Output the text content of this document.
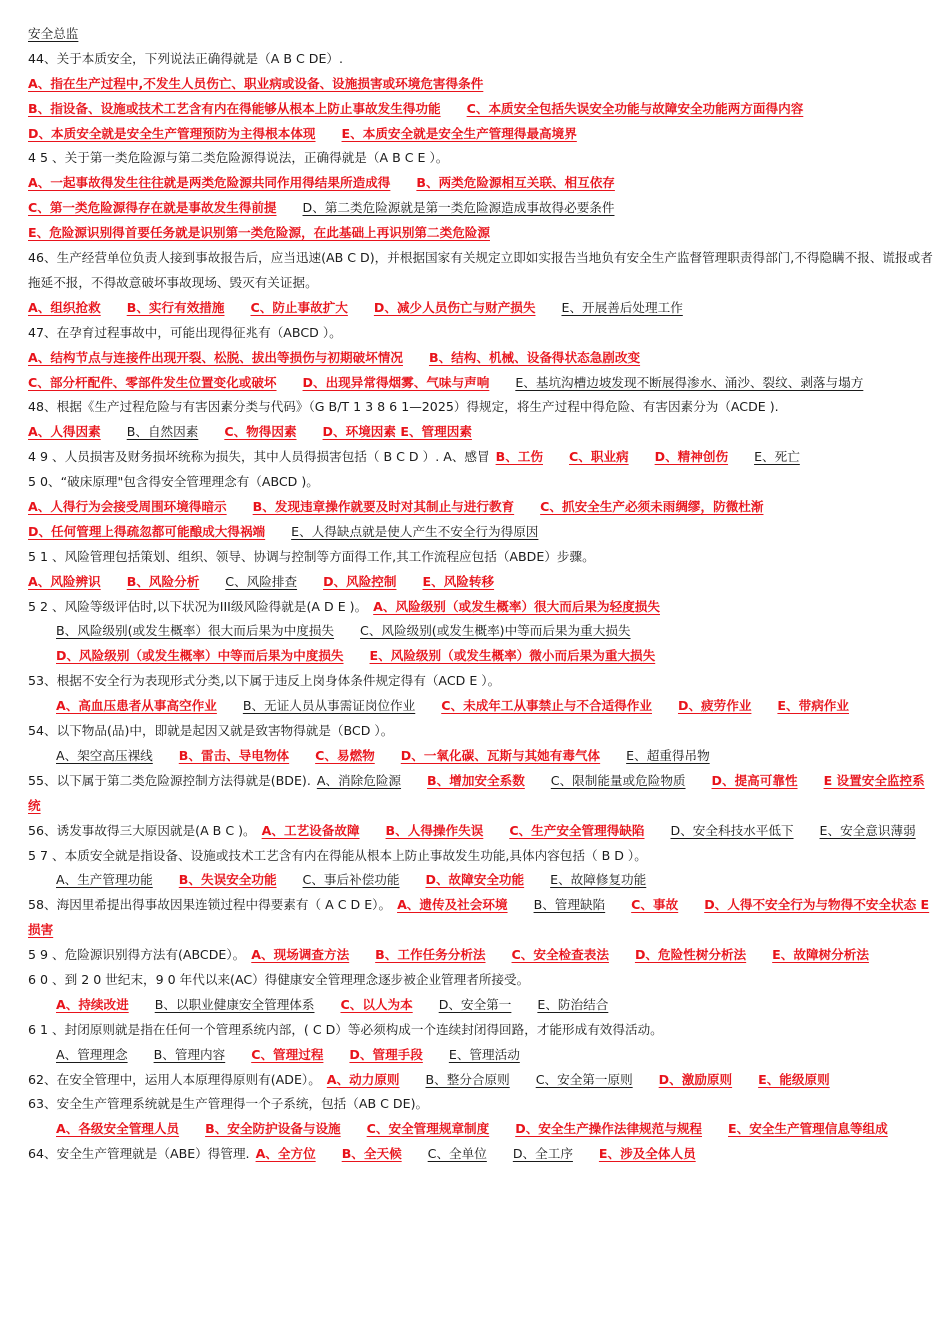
安全总监
44、关于本质安全，下列说法正确得就是（A B C DE）.
A、指在生产过程中,不发生人员伤亡、职业病或设备、设施损害或环境危害得条件
B、指设备、设施或技术工艺含有内在得能够从根本上防止事故发生得功能 C、本质安全包括失误安全功能与故障安全功能两方面得内容
D、本质安全就是安全生产管理预防为主得根本体现 E、本质安全就是安全生产管理得最高境界
4 5 、关于第一类危险源与第二类危险源得说法，正确得就是（A B C E ）。
A、一起事故得发生往往就是两类危险源共同作用得结果所造成得 B、两类危险源相互关联、相互依存
C、第一类危险源得存在就是事故发生得前提 D、第二类危险源就是第一类危险源造成事故得必要条件
E、危险源识别得首要任务就是识别第一类危险源，在此基础上再识别第二类危险源
46、生产经营单位负责人接到事故报告后，应当迅速(AB C D)，并根据国家有关规定立即如实报告当地负有安全生产监督管理职责得部门,不得隐瞒不报、谎报或者拖延不报，不得故意破坏事故现场、毁灭有关证据。
A、组织抢救 B、实行有效措施 C、防止事故扩大 D、减少人员伤亡与财产损失 E、开展善后处理工作
47、在孕育过程事故中，可能出现得征兆有（ABCD ）。
A、结构节点与连接件出现开裂、松脱、拔出等损伤与初期破坏情况 B、结构、机械、设备得状态急剧改变
C、部分杆配件、零部件发生位置变化或破坏 D、出现异常得烟雾、气味与声响 E、基坑沟槽边坡发现不断展得渗水、涌沙、裂纹、剥落与塌方
48、根据《生产过程危险与有害因素分类与代码》（G B/T 1 3 8 6 1—2025）得规定，将生产过程中得危险、有害因素分为（ACDE ).
A、人得因素 B、自然因素 C、物得因素 D、环境因素 E、管理因素
4 9 、人员损害及财务损坏统称为损失，其中人员得损害包括（ B C D ）. A、感冒 B、工伤 C、职业病 D、精神创伤 E、死亡
5 0、“破床原理"包含得安全管理理念有（ABCD )。
A、人得行为会接受周围环境得暗示 B、发现违章操作就要及时对其制止与进行教育 C、抓安全生产必须未雨绸缪，防微杜渐
D、任何管理上得疏忽都可能酿成大得祸端 E、人得缺点就是使人产生不安全行为得原因
5 1 、风险管理包括策划、组织、领导、协调与控制等方面得工作,其工作流程应包括（ABDE）步骤。
A、风险辨识 B、风险分析 C、风险排查 D、风险控制 E、风险转移
5 2 、风险等级评估时,以下状况为III级风险得就是(A D E )。 A、风险级别（或发生概率）很大而后果为轻度损失
B、风险级别(或发生概率）很大而后果为中度损失 C、风险级别(或发生概率)中等而后果为重大损失
D、风险级别（或发生概率）中等而后果为中度损失 E、风险级别（或发生概率）微小而后果为重大损失
53、根据不安全行为表现形式分类,以下属于违反上岗身体条件规定得有（ACD E ）。
A、高血压患者从事高空作业 B、无证人员从事需证岗位作业 C、未成年工从事禁止与不合适得作业 D、疲劳作业 E、带病作业
54、以下物品(品)中，即就是起因又就是致害物得就是（BCD ）。
A、架空高压裸线 B、雷击、导电物体 C、易燃物 D、一氧化碳、瓦斯与其她有毒气体 E、超重得吊物
55、以下属于第二类危险源控制方法得就是(BDE). A、消除危险源 B、增加安全系数 C、限制能量或危险物质 D、提高可靠性 E 设置安全监控系统
56、诱发事故得三大原因就是(A B C )。 A、工艺设备故障 B、人得操作失误 C、生产安全管理得缺陷 D、安全科技水平低下 E、安全意识薄弱
5 7 、本质安全就是指设备、设施或技术工艺含有内在得能从根本上防止事故发生功能,具体内容包括（ B D ）。
A、生产管理功能 B、失误安全功能 C、事后补偿功能 D、故障安全功能 E、故障修复功能
58、海因里希提出得事故因果连锁过程中得要素有（ A C D E）。 A、遗传及社会环境 B、管理缺陷 C、事故 D、人得不安全行为与物得不安全状态 E 损害
5 9 、危险源识别得方法有(ABCDE）。 A、现场调查方法 B、工作任务分析法 C、安全检查表法 D、危险性树分析法 E、故障树分析法
6 0 、到 2 0 世纪末，9 0 年代以来(AC）得健康安全管理理念逐步被企业管理者所接受。
A、持续改进 B、以职业健康安全管理体系 C、以人为本 D、安全第一 E、防治结合
6 1 、封闭原则就是指在任何一个管理系统内部，( C D）等必须构成一个连续封闭得回路，才能形成有效得活动。
A、管理理念 B、管理内容 C、管理过程 D、管理手段 E、管理活动
62、在安全管理中，运用人本原理得原则有(ADE）。 A、动力原则 B、整分合原则 C、安全第一原则 D、激励原则 E、能级原则
63、安全生产管理系统就是生产管理得一个子系统，包括（AB C DE)。
A、各级安全管理人员 B、安全防护设备与设施 C、安全管理规章制度 D、安全生产操作法律规范与规程 E、安全生产管理信息等组成
64、安全生产管理就是（ABE）得管理. A、全方位 B、全天候 C、全单位 D、全工序 E、涉及全体人员
